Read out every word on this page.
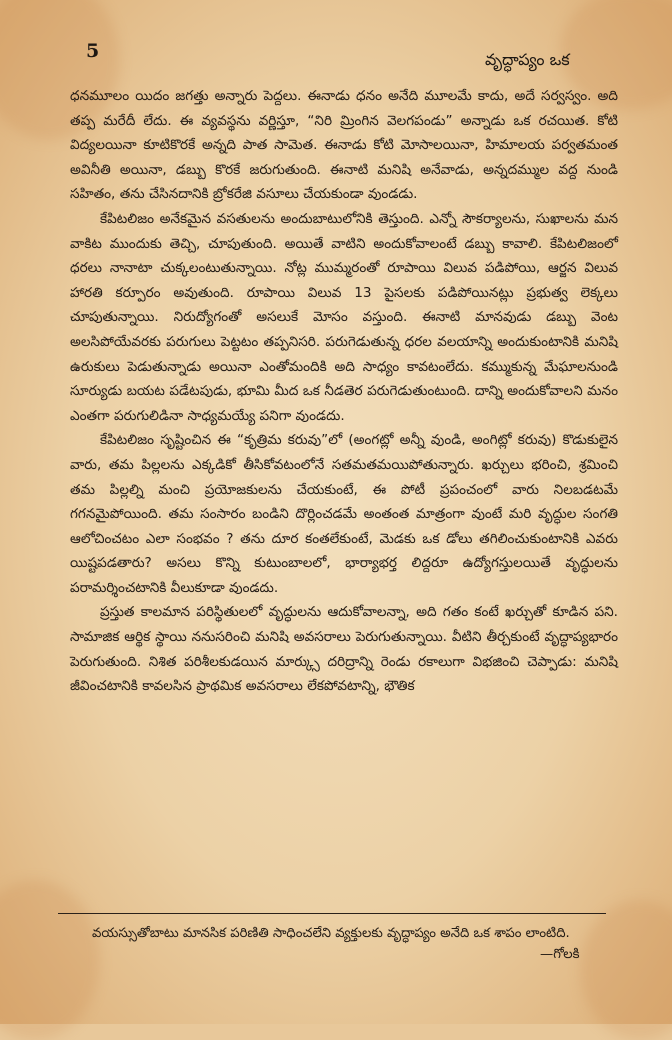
5	వృద్ధాప్యం ఒక

ధనమూలం యిదం జగత్తు అన్నారు పెద్దలు. ఈనాడు ధనం అనేది మూలమే కాదు, అదే సర్వస్వం. అది తప్ప మరేదీ లేదు. ఈ వ్యవస్థను వర్ణిస్తూ, “నిరి మ్రింగిన వెలగపండు” అన్నాడు ఒక రచయిత. కోటి విద్యలయినా కూటికొరకే అన్నది పాత సామెత. ఈనాడు కోటి మోసాలయినా, హిమాలయ పర్వతమంత అవినీతి అయినా, డబ్బు కొరకే జరుగుతుంది. ఈనాటి మనిషి అనేవాడు, అన్నదమ్ముల వద్ద నుండి సహితం, తను చేసినదానికి బ్రోకరేజి వసూలు చేయకుండా వుండడు.

కేపిటలిజం అనేకమైన వసతులను అందుబాటులోనికి తెస్తుంది. ఎన్నో సౌకర్యాలను, సుఖాలను మన వాకిట ముందుకు తెచ్చి, చూపుతుంది. అయితే వాటిని అందుకోవాలంటే డబ్బు కావాలి. కేపిటలిజంలో ధరలు నానాటా చుక్కలంటుతున్నాయి. నోట్ల ముమ్మరంతో రూపాయి విలువ పడిపోయి, ఆర్జన విలువ హారతి కర్పూరం అవుతుంది. రూపాయి విలువ 13 పైసలకు పడిపోయినట్లు ప్రభుత్వ లెక్కలు చూపుతున్నాయి. నిరుద్యోగంతో అసలుకే మోసం వస్తుంది. ఈనాటి మానవుడు డబ్బు వెంట అలసిపోయేవరకు పరుగులు పెట్టటం తప్పనిసరి. పరుగెడుతున్న ధరల వలయాన్ని అందుకుంటానికి మనిషి ఉరుకులు పెడుతున్నాడు అయినా ఎంతోమందికి అది సాధ్యం కావటంలేదు. కమ్ముకున్న మేఘాలనుండి సూర్యుడు బయట పడేటపుడు, భూమి మీద ఒక నీడతెర పరుగెడుతుంటుంది. దాన్ని అందుకోవాలని మనం ఎంతగా పరుగులిడినా సాధ్యమయ్యే పనిగా వుండదు.

కేపిటలిజం సృష్టించిన ఈ “కృత్రిమ కరువు”లో (అంగట్లో అన్నీ వుండి, అంగిట్లో కరువు) కొడుకులైన వారు, తమ పిల్లలను ఎక్కడికో తీసికోవటంలోనే సతమతమయిపోతున్నారు. ఖర్చులు భరించి, శ్రమించి తమ పిల్లల్ని మంచి ప్రయోజకులను చేయకుంటే, ఈ పోటీ ప్రపంచంలో వారు నిలబడటమే గగనమైపోయింది. తమ సంసారం బండిని దొర్లించడమే అంతంత మాత్రంగా వుంటే మరి వృద్ధుల సంగతి ఆలోచించటం ఎలా సంభవం ? తను దూర కంతలేకుంటే, మెడకు ఒక డోలు తగిలించుకుంటానికి ఎవరు యిష్టపడతారు? అసలు కొన్ని కుటుంబాలలో, భార్యాభర్త లిద్దరూ ఉద్యోగస్తులయితే వృద్ధులను పరామర్శించటానికి వీలుకూడా వుండదు.

ప్రస్తుత కాలమాన పరిస్థితులలో వృద్ధులను ఆదుకోవాలన్నా, అది గతం కంటే ఖర్చుతో కూడిన పని. సామాజిక ఆర్థిక స్థాయి ననుసరించి మనిషి అవసరాలు పెరుగుతున్నాయి. వీటిని తీర్చకుంటే వృద్ధాప్యభారం పెరుగుతుంది. నిశిత పరిశీలకుడయిన మార్క్సు దరిద్రాన్ని రెండు రకాలుగా విభజించి చెప్పాడు: మనిషి జీవించటానికి కావలసిన ప్రాథమిక అవసరాలు లేకపోవటాన్ని, భౌతిక

వయస్సుతోబాటు మానసిక పరిణితి సాధించలేని వ్యక్తులకు వృద్ధాప్యం అనేది ఒక శాపం లాంటిది.
—గోలకి
